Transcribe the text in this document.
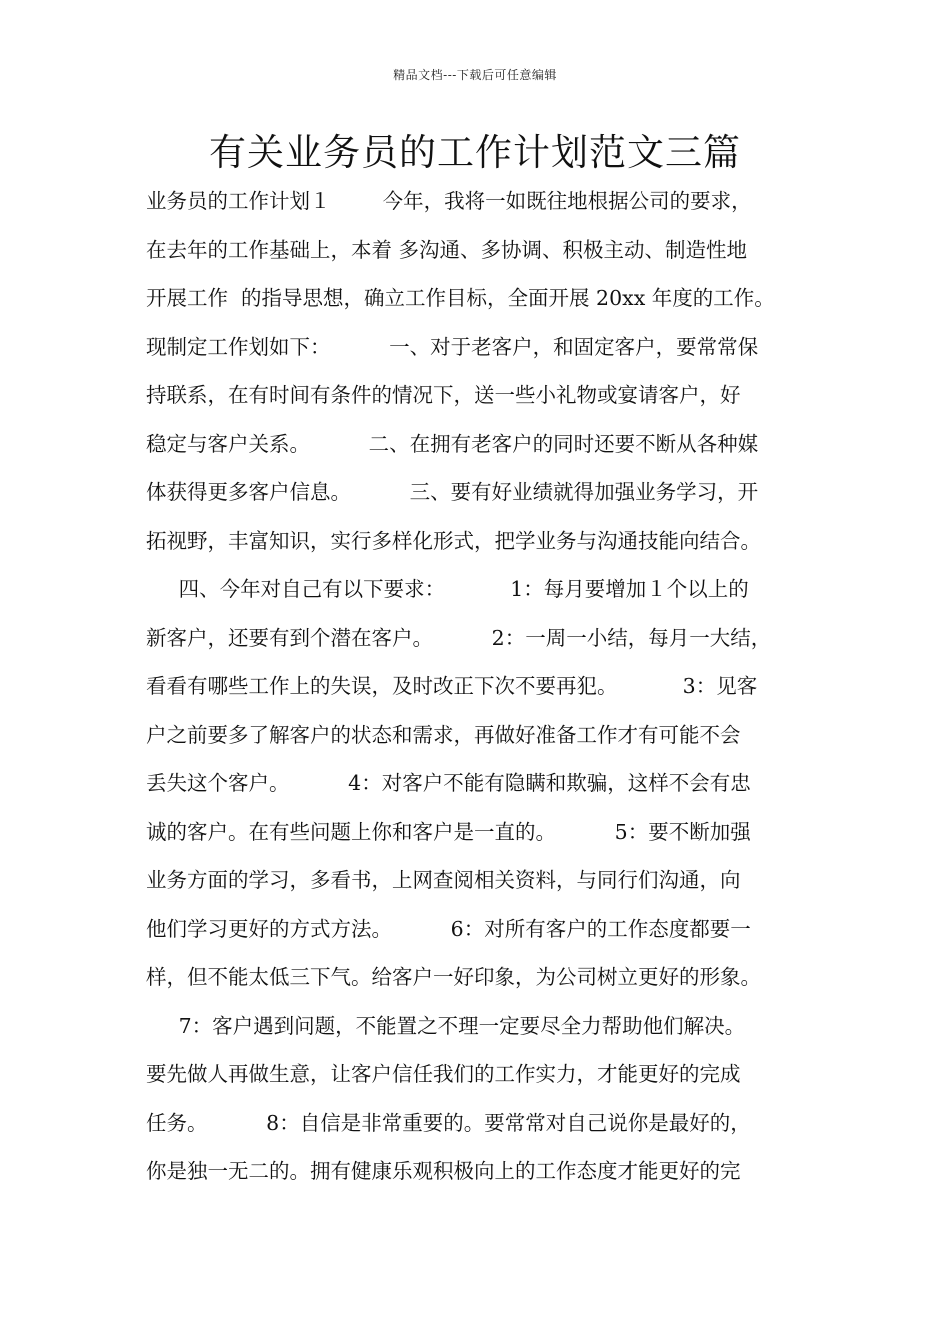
精品文档---下载后可任意编辑
有关业务员的工作计划范文三篇
业务员的工作计划１        今年，我将一如既往地根据公司的要求，
在去年的工作基础上，本着 多沟通、多协调、积极主动、制造性地
开展工作  的指导思想，确立工作目标，全面开展 20xx 年度的工作。
现制定工作划如下：         一、对于老客户，和固定客户，要常常保
持联系，在有时间有条件的情况下，送一些小礼物或宴请客户，好
稳定与客户关系。         二、在拥有老客户的同时还要不断从各种媒
体获得更多客户信息。         三、要有好业绩就得加强业务学习，开
拓视野，丰富知识，实行多样化形式，把学业务与沟通技能向结合。
四、今年对自己有以下要求：          1：每月要增加１个以上的
新客户，还要有到个潜在客户。         2：一周一小结，每月一大结，
看看有哪些工作上的失误，及时改正下次不要再犯。          3：见客
户之前要多了解客户的状态和需求，再做好准备工作才有可能不会
丢失这个客户。         4：对客户不能有隐瞒和欺骗，这样不会有忠
诚的客户。在有些问题上你和客户是一直的。         5：要不断加强
业务方面的学习，多看书，上网查阅相关资料，与同行们沟通，向
他们学习更好的方式方法。         6：对所有客户的工作态度都要一
样，但不能太低三下气。给客户一好印象，为公司树立更好的形象。
7：客户遇到问题，不能置之不理一定要尽全力帮助他们解决。
要先做人再做生意，让客户信任我们的工作实力，才能更好的完成
任务。         8：自信是非常重要的。要常常对自己说你是最好的，
你是独一无二的。拥有健康乐观积极向上的工作态度才能更好的完
